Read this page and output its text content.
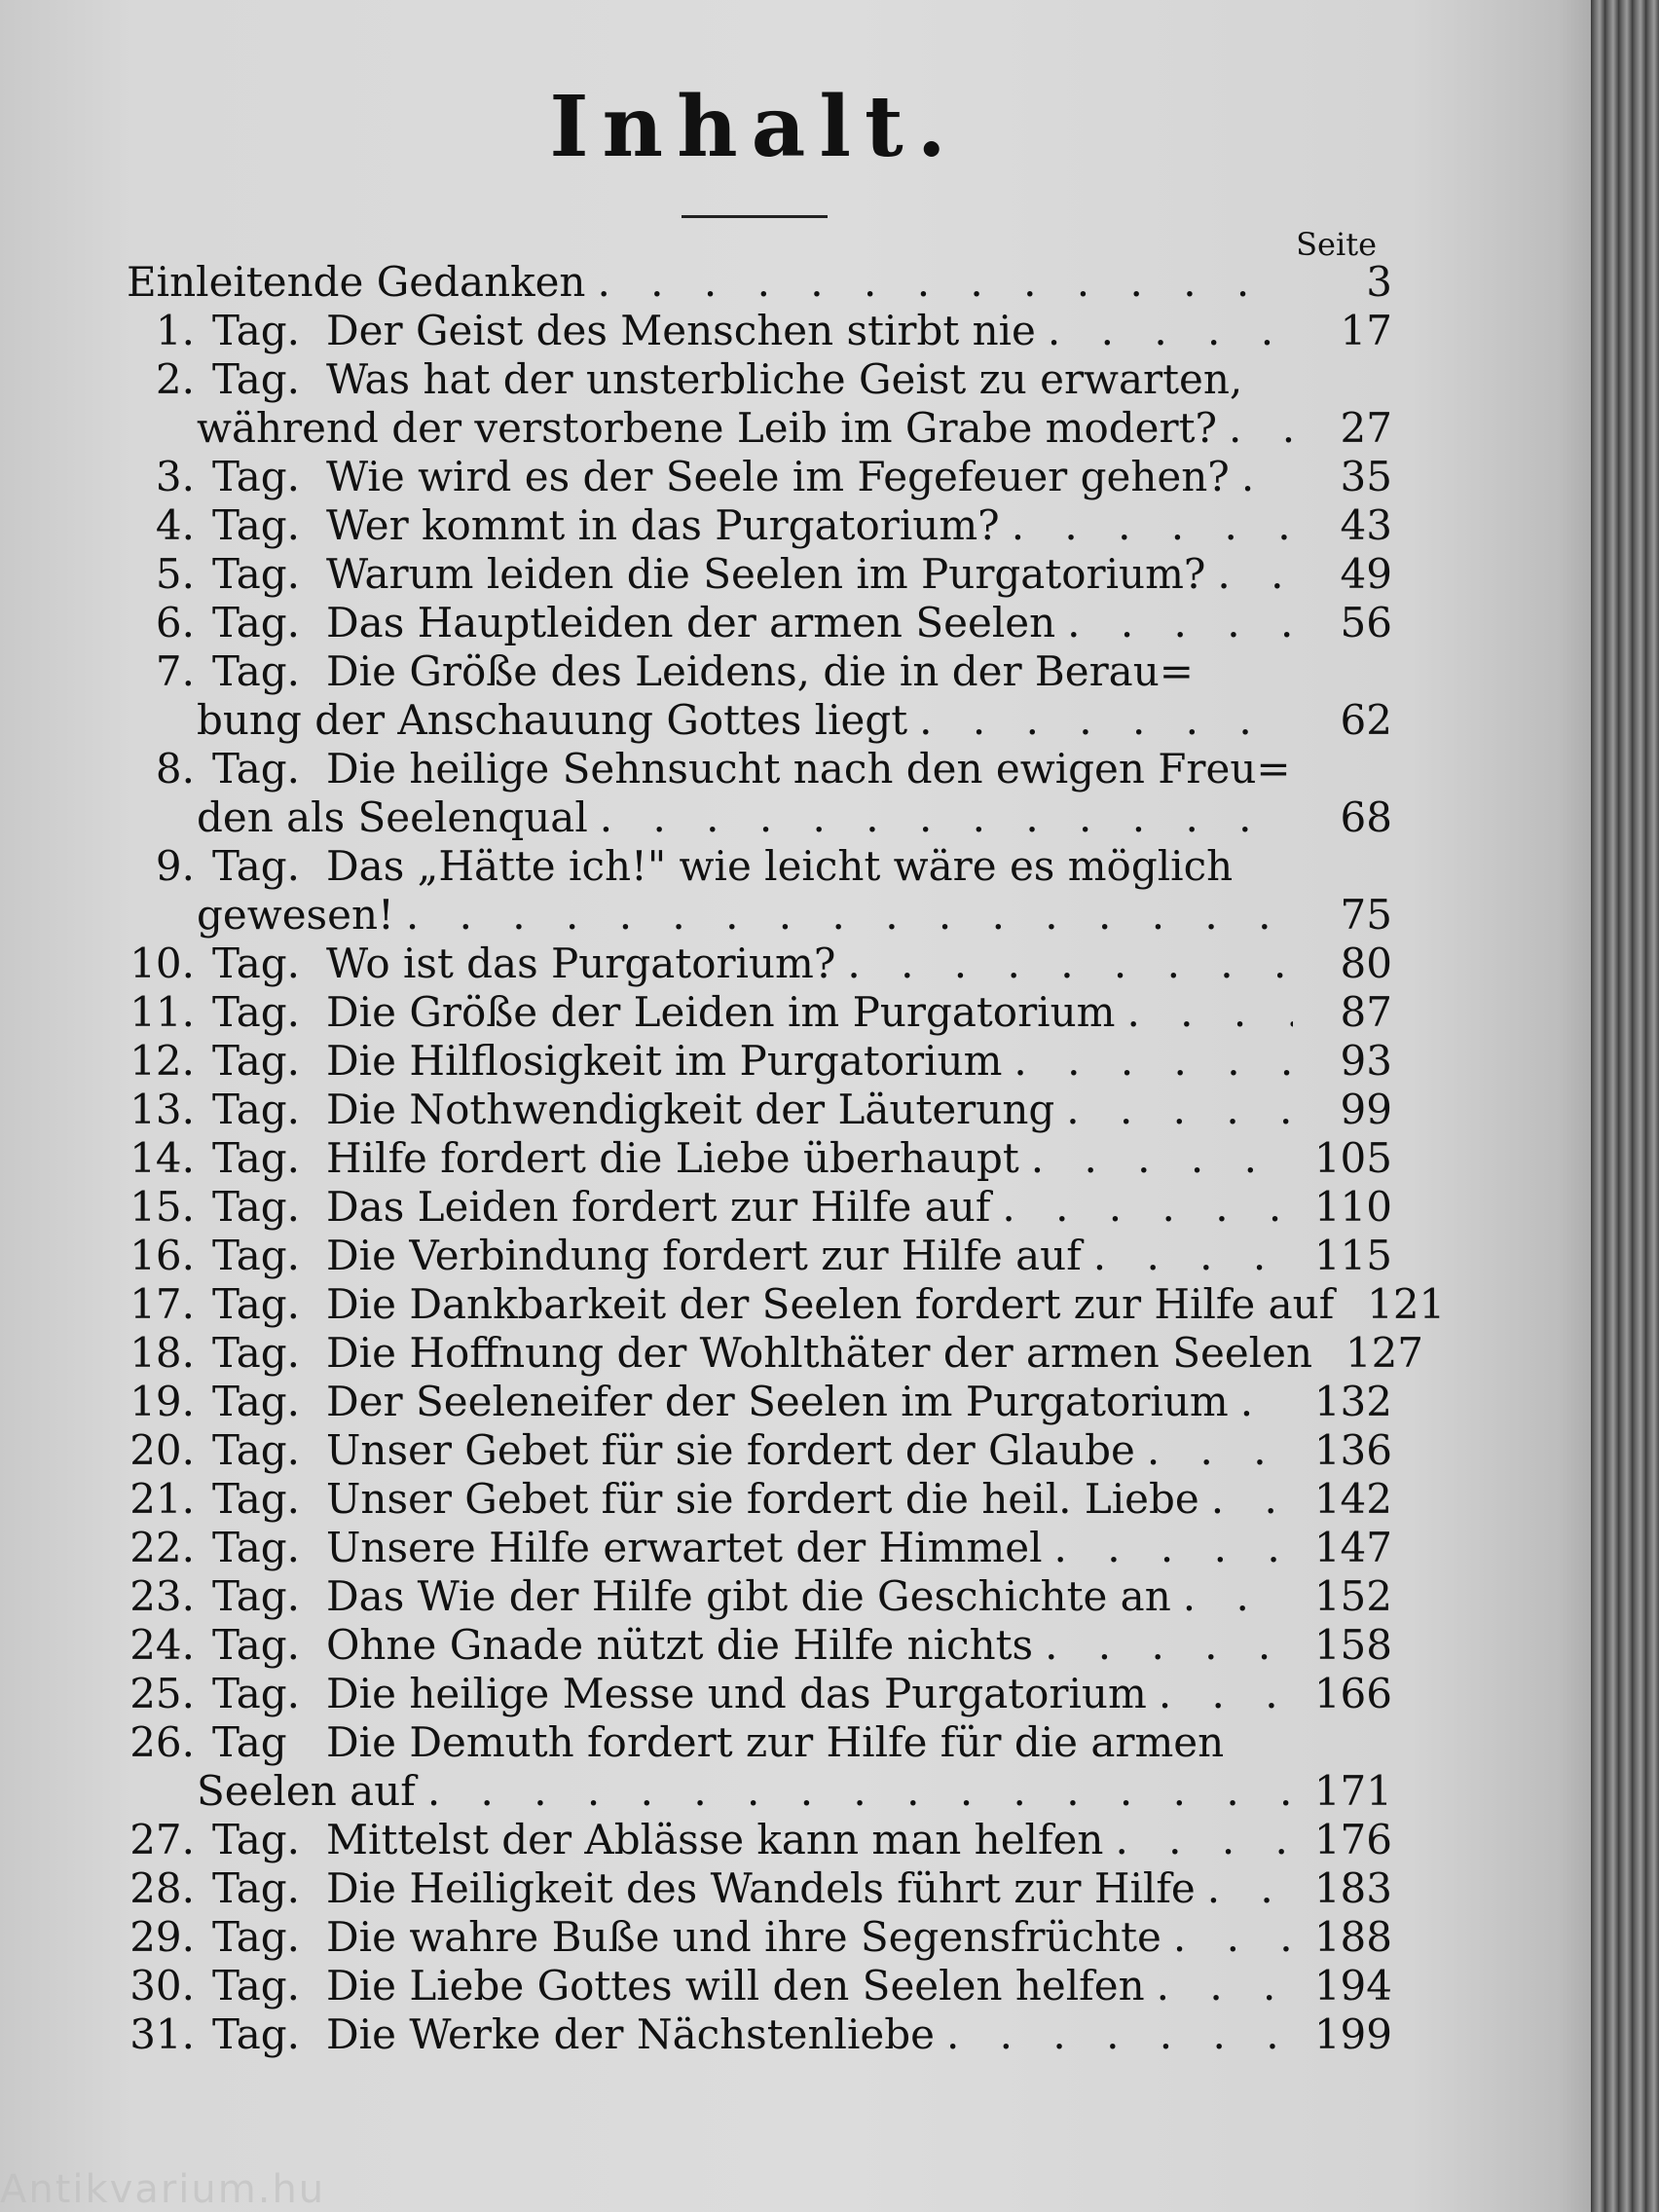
Inhalt.
Seite
Einleitende Gedanken . . .	3
1. Tag. Der Geist des Menschen stirbt nie . . .	17
2. Tag. Was hat der unsterbliche Geist zu erwarten,
während der verstorbene Leib im Grabe modert? . . .	27
3. Tag. Wie wird es der Seele im Fegefeuer gehen? . . .	35
4. Tag. Wer kommt in das Purgatorium? . . .	43
5. Tag. Warum leiden die Seelen im Purgatorium? . . .	49
6. Tag. Das Hauptleiden der armen Seelen . . .	56
7. Tag. Die Größe des Leidens, die in der Berau=
bung der Anschauung Gottes liegt . . .	62
8. Tag. Die heilige Sehnsucht nach den ewigen Freu=
den als Seelenqual . . .	68
9. Tag. Das „Hätte ich!" wie leicht wäre es möglich
gewesen! . . .	75
10. Tag. Wo ist das Purgatorium? . . .	80
11. Tag. Die Größe der Leiden im Purgatorium . . .	87
12. Tag. Die Hilflosigkeit im Purgatorium . . .	93
13. Tag. Die Nothwendigkeit der Läuterung . . .	99
14. Tag. Hilfe fordert die Liebe überhaupt . . .	105
15. Tag. Das Leiden fordert zur Hilfe auf . . .	110
16. Tag. Die Verbindung fordert zur Hilfe auf . . .	115
17. Tag. Die Dankbarkeit der Seelen fordert zur Hilfe auf 121
18. Tag. Die Hoffnung der Wohlthäter der armen Seelen 127
19. Tag. Der Seeleneifer der Seelen im Purgatorium . . . 132
20. Tag. Unser Gebet für sie fordert der Glaube . . .	136
21. Tag. Unser Gebet für sie fordert die heil. Liebe . . .	142
22. Tag. Unsere Hilfe erwartet der Himmel . . .	147
23. Tag. Das Wie der Hilfe gibt die Geschichte an . . .	152
24. Tag. Ohne Gnade nützt die Hilfe nichts . . .	158
25. Tag. Die heilige Messe und das Purgatorium . . .	166
26. Tag Die Demuth fordert zur Hilfe für die armen
Seelen auf . . .	171
27. Tag. Mittelst der Ablässe kann man helfen . . .	176
28. Tag. Die Heiligkeit des Wandels führt zur Hilfe . . .	183
29. Tag. Die wahre Buße und ihre Segensfrüchte . . .	188
30. Tag. Die Liebe Gottes will den Seelen helfen . . .	194
31. Tag. Die Werke der Nächstenliebe . . .	199
Antikvarium.hu
